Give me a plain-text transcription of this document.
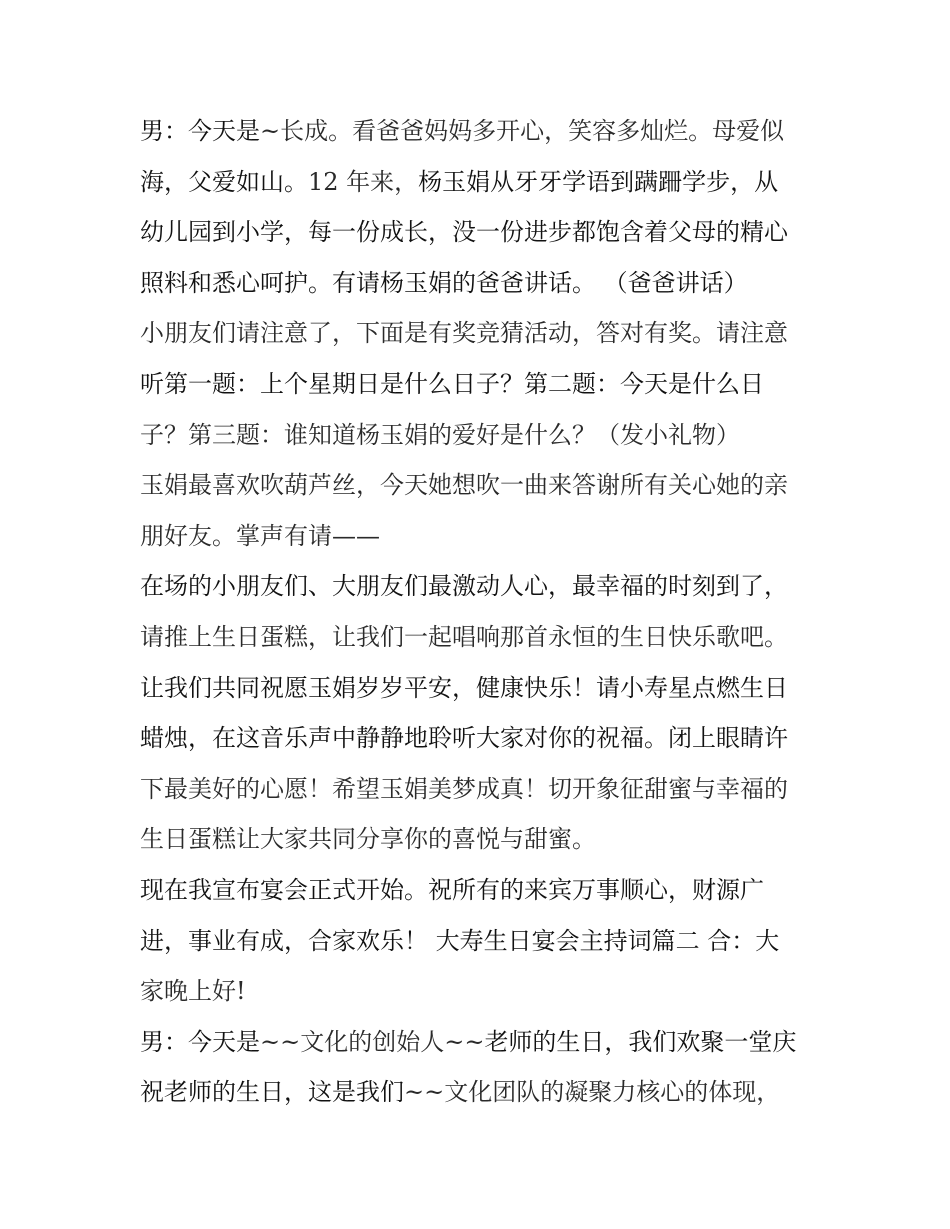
男：今天是~长成。看爸爸妈妈多开心，笑容多灿烂。母爱似
海，父爱如山。12 年来，杨玉娟从牙牙学语到蹒跚学步，从
幼儿园到小学，每一份成长，没一份进步都饱含着父母的精心
照料和悉心呵护。有请杨玉娟的爸爸讲话。 （爸爸讲话）
小朋友们请注意了，下面是有奖竞猜活动，答对有奖。请注意
听第一题：上个星期日是什么日子？第二题：今天是什么日
子？第三题：谁知道杨玉娟的爱好是什么？（发小礼物）
玉娟最喜欢吹葫芦丝，今天她想吹一曲来答谢所有关心她的亲
朋好友。掌声有请——
在场的小朋友们、大朋友们最激动人心，最幸福的时刻到了，
请推上生日蛋糕，让我们一起唱响那首永恒的生日快乐歌吧。
让我们共同祝愿玉娟岁岁平安，健康快乐！请小寿星点燃生日
蜡烛，在这音乐声中静静地聆听大家对你的祝福。闭上眼睛许
下最美好的心愿！希望玉娟美梦成真！切开象征甜蜜与幸福的
生日蛋糕让大家共同分享你的喜悦与甜蜜。
现在我宣布宴会正式开始。祝所有的来宾万事顺心，财源广
进，事业有成，合家欢乐！ 大寿生日宴会主持词篇二 合：大
家晚上好!
男：今天是~~文化的创始人~~老师的生日，我们欢聚一堂庆
祝老师的生日，这是我们~~文化团队的凝聚力核心的体现，
